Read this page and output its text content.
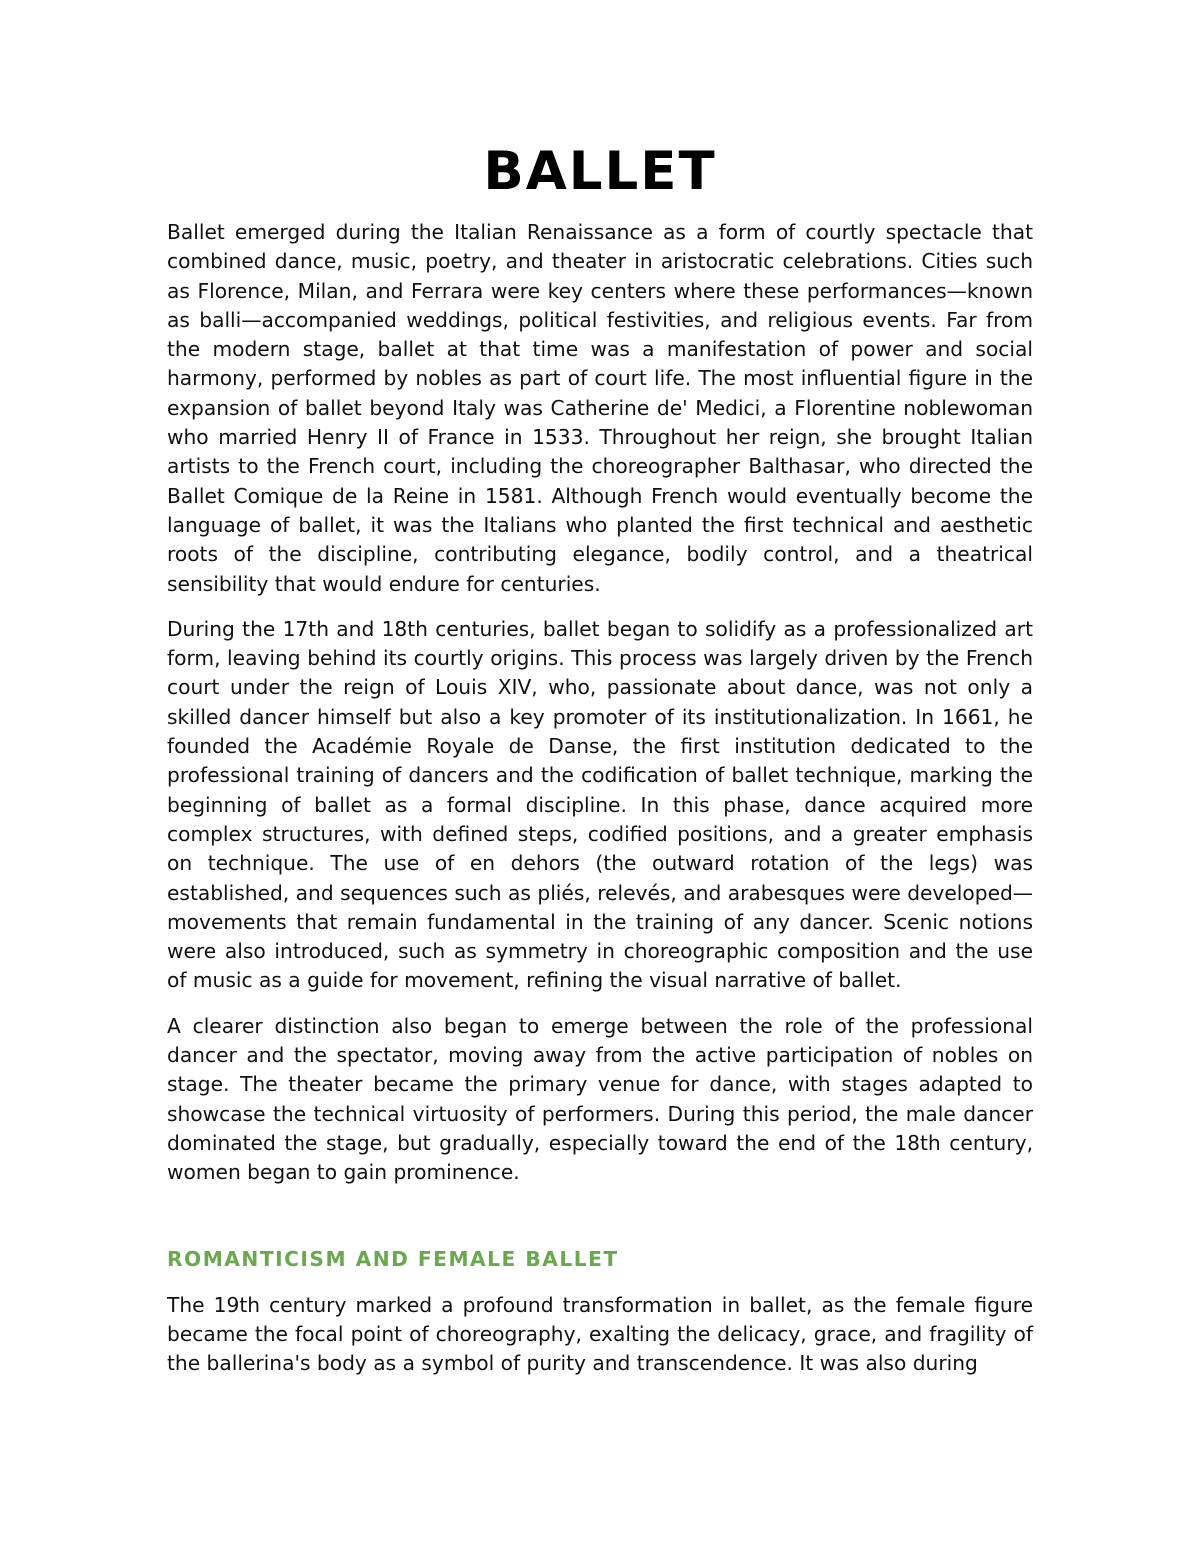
BALLET

Ballet emerged during the Italian Renaissance as a form of courtly spectacle that combined dance, music, poetry, and theater in aristocratic celebrations. Cities such as Florence, Milan, and Ferrara were key centers where these performances—known as balli—accompanied weddings, political festivities, and religious events. Far from the modern stage, ballet at that time was a manifestation of power and social harmony, performed by nobles as part of court life. The most influential figure in the expansion of ballet beyond Italy was Catherine de' Medici, a Florentine noblewoman who married Henry II of France in 1533. Throughout her reign, she brought Italian artists to the French court, including the choreographer Balthasar, who directed the Ballet Comique de la Reine in 1581. Although French would eventually become the language of ballet, it was the Italians who planted the first technical and aesthetic roots of the discipline, contributing elegance, bodily control, and a theatrical sensibility that would endure for centuries.

During the 17th and 18th centuries, ballet began to solidify as a professionalized art form, leaving behind its courtly origins. This process was largely driven by the French court under the reign of Louis XIV, who, passionate about dance, was not only a skilled dancer himself but also a key promoter of its institutionalization. In 1661, he founded the Académie Royale de Danse, the first institution dedicated to the professional training of dancers and the codification of ballet technique, marking the beginning of ballet as a formal discipline. In this phase, dance acquired more complex structures, with defined steps, codified positions, and a greater emphasis on technique. The use of en dehors (the outward rotation of the legs) was established, and sequences such as pliés, relevés, and arabesques were developed—movements that remain fundamental in the training of any dancer. Scenic notions were also introduced, such as symmetry in choreographic composition and the use of music as a guide for movement, refining the visual narrative of ballet.

A clearer distinction also began to emerge between the role of the professional dancer and the spectator, moving away from the active participation of nobles on stage. The theater became the primary venue for dance, with stages adapted to showcase the technical virtuosity of performers. During this period, the male dancer dominated the stage, but gradually, especially toward the end of the 18th century, women began to gain prominence.

ROMANTICISM AND FEMALE BALLET

The 19th century marked a profound transformation in ballet, as the female figure became the focal point of choreography, exalting the delicacy, grace, and fragility of the ballerina's body as a symbol of purity and transcendence. It was also during
